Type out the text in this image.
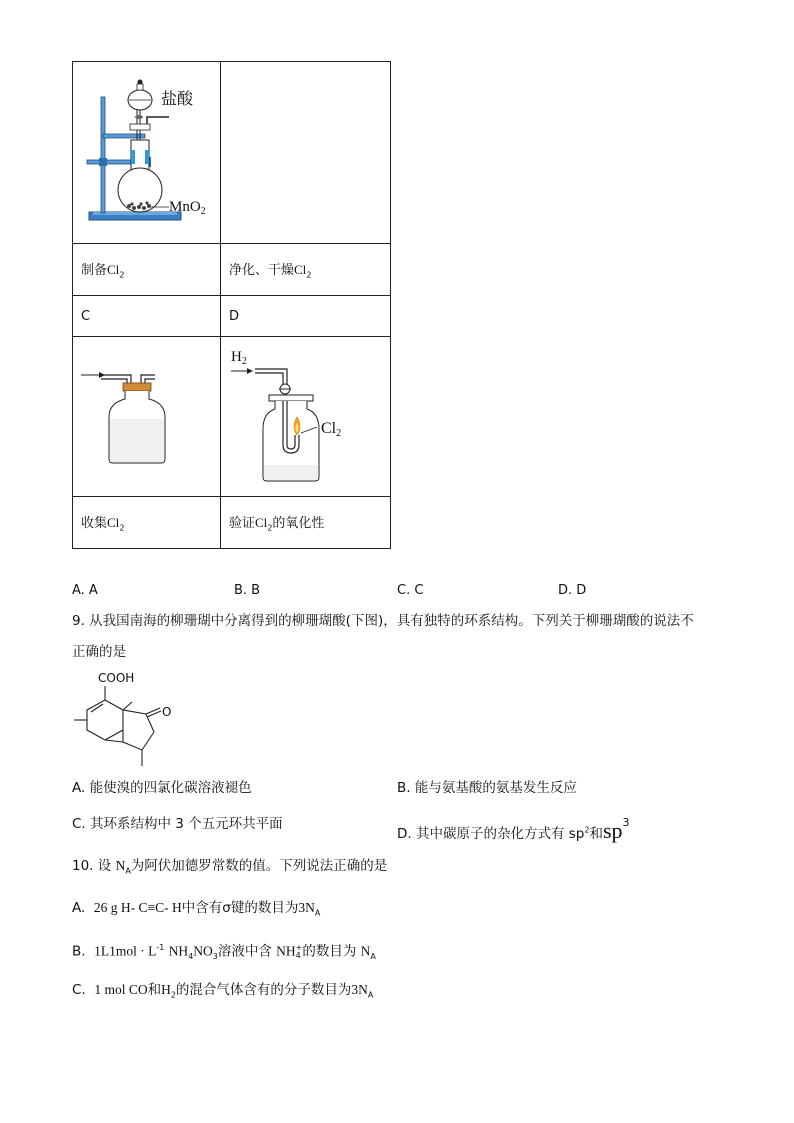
盐酸
MnO$_2$

制备$Cl_2$	净化、干燥$Cl_2$
C	D

$H_2$
Cl2

收集$Cl_2$	验证$Cl_2$的氧化性
A. A	B. B	C. C	D. D
9. 从我国南海的柳珊瑚中分离得到的柳珊瑚酸(下图)，具有独特的环系结构。下列关于柳珊瑚酸的说法不
正确的是
COOH
O
A. 能使溴的四氯化碳溶液褪色	B. 能与氨基酸的氨基发生反应
C. 其环系结构中 3 个五元环共平面
D. 其中碳原子的杂化方式有 $sp^2$和$sp^3$
10. 设 $N_A$为阿伏加德罗常数的值。下列说法正确的是
A. 26 g H- C≡C- H中含有σ键的数目为$3N_A$
B. $1L1mol \cdot L^{-1}$ $NH_4NO_3$溶液中含 NH +
4 的数目为 $N_A$
C. 1 mol CO和$H_2$的混合气体含有的分子数目为$3N_A$
